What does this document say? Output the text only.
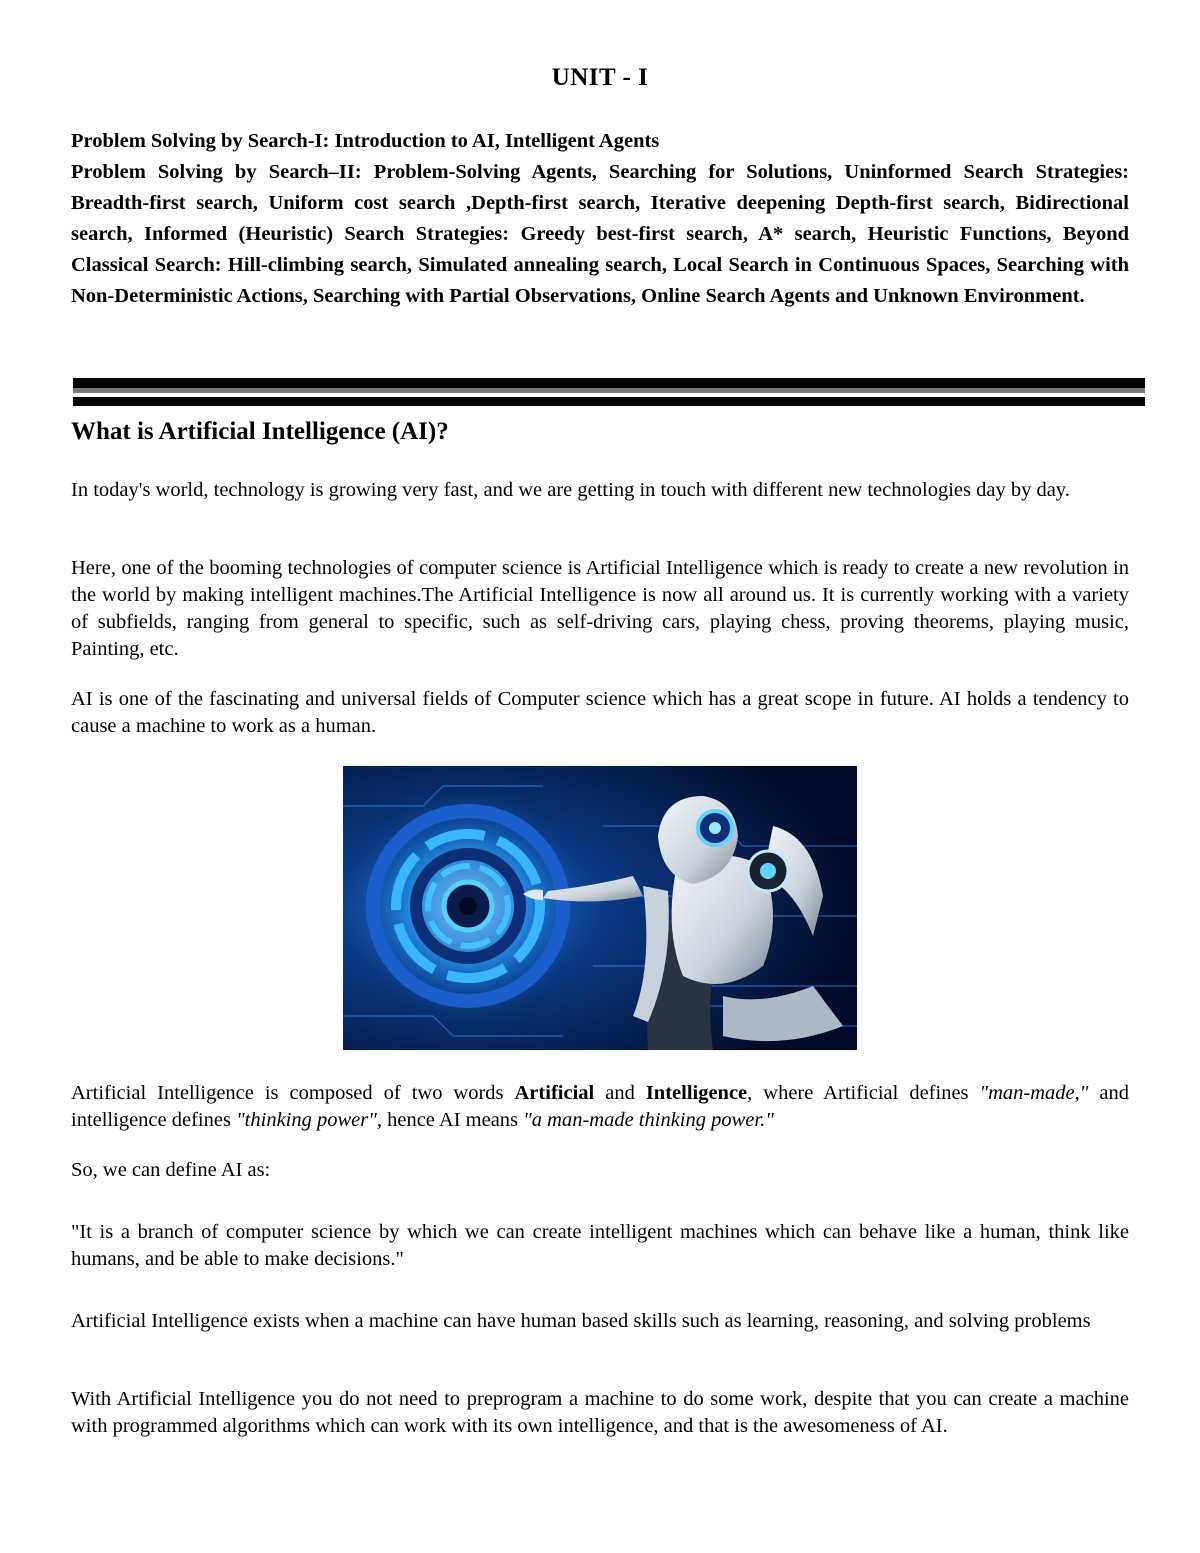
UNIT - I

Problem Solving by Search-I: Introduction to AI, Intelligent Agents

Problem Solving by Search–II: Problem-Solving Agents, Searching for Solutions, Uninformed Search Strategies: Breadth-first search, Uniform cost search ,Depth-first search, Iterative deepening Depth-first search, Bidirectional search, Informed (Heuristic) Search Strategies: Greedy best-first search, A* search, Heuristic Functions, Beyond Classical Search: Hill-climbing search, Simulated annealing search, Local Search in Continuous Spaces, Searching with Non-Deterministic Actions, Searching with Partial Observations, Online Search Agents and Unknown Environment.

What is Artificial Intelligence (AI)?

In today's world, technology is growing very fast, and we are getting in touch with different new technologies day by day.

Here, one of the booming technologies of computer science is Artificial Intelligence which is ready to create a new revolution in the world by making intelligent machines.The Artificial Intelligence is now all around us. It is currently working with a variety of subfields, ranging from general to specific, such as self-driving cars, playing chess, proving theorems, playing music, Painting, etc.

AI is one of the fascinating and universal fields of Computer science which has a great scope in future. AI holds a tendency to cause a machine to work as a human.

Artificial Intelligence is composed of two words Artificial and Intelligence, where Artificial defines "man-made," and intelligence defines "thinking power", hence AI means "a man-made thinking power."

So, we can define AI as:

"It is a branch of computer science by which we can create intelligent machines which can behave like a human, think like humans, and be able to make decisions."

Artificial Intelligence exists when a machine can have human based skills such as learning, reasoning, and solving problems

With Artificial Intelligence you do not need to preprogram a machine to do some work, despite that you can create a machine with programmed algorithms which can work with its own intelligence, and that is the awesomeness of AI.
